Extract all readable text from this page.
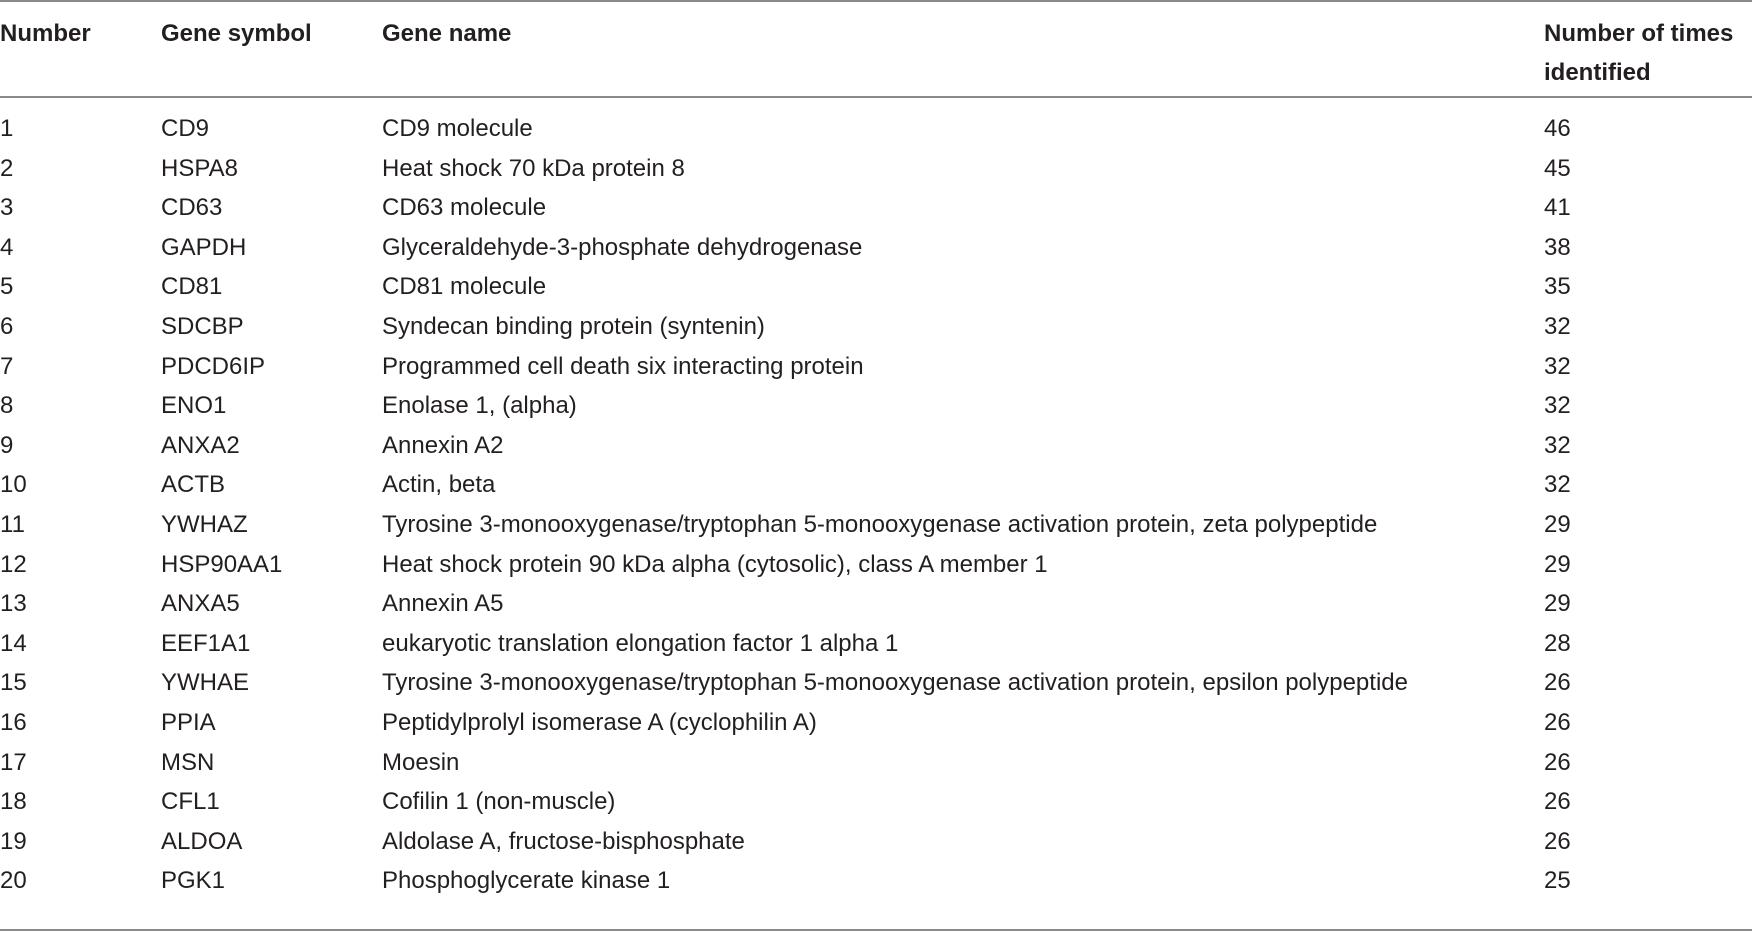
Number	Gene symbol	Gene name	Number of times
identified
1	CD9	CD9 molecule	46
2	HSPA8	Heat shock 70 kDa protein 8	45
3	CD63	CD63 molecule	41
4	GAPDH	Glyceraldehyde-3-phosphate dehydrogenase	38
5	CD81	CD81 molecule	35
6	SDCBP	Syndecan binding protein (syntenin)	32
7	PDCD6IP	Programmed cell death six interacting protein	32
8	ENO1	Enolase 1, (alpha)	32
9	ANXA2	Annexin A2	32
10	ACTB	Actin, beta	32
11	YWHAZ	Tyrosine 3-monooxygenase/tryptophan 5-monooxygenase activation protein, zeta polypeptide	29
12	HSP90AA1	Heat shock protein 90 kDa alpha (cytosolic), class A member 1	29
13	ANXA5	Annexin A5	29
14	EEF1A1	eukaryotic translation elongation factor 1 alpha 1	28
15	YWHAE	Tyrosine 3-monooxygenase/tryptophan 5-monooxygenase activation protein, epsilon polypeptide	26
16	PPIA	Peptidylprolyl isomerase A (cyclophilin A)	26
17	MSN	Moesin	26
18	CFL1	Cofilin 1 (non-muscle)	26
19	ALDOA	Aldolase A, fructose-bisphosphate	26
20	PGK1	Phosphoglycerate kinase 1	25
